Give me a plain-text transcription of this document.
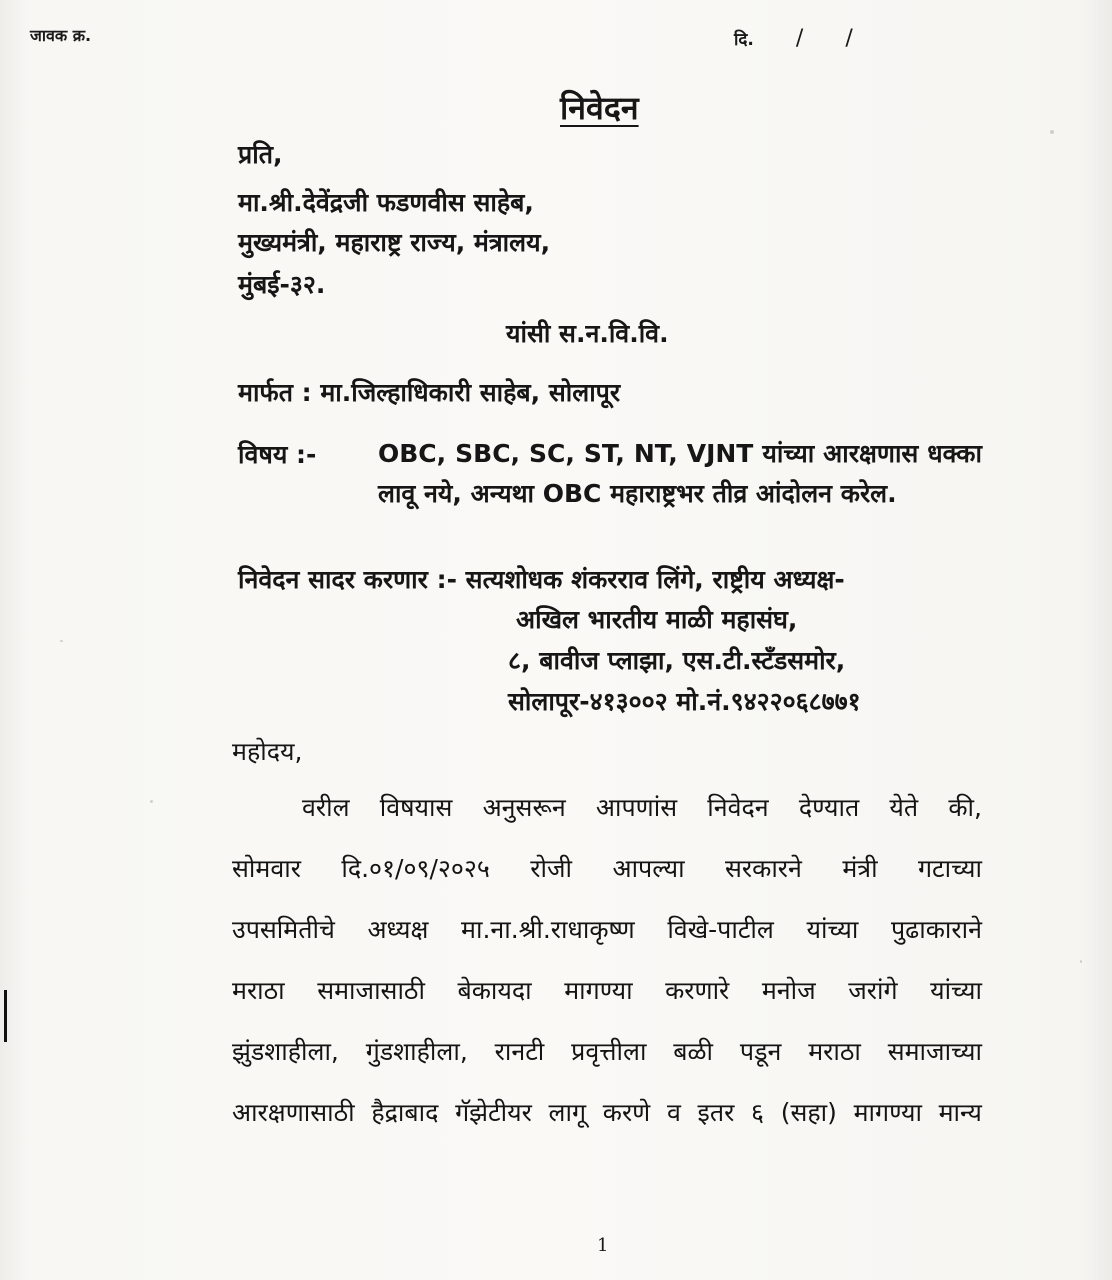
जावक क्र.	दि. / /
निवेदन
प्रति,
मा.श्री.देवेंद्रजी फडणवीस साहेब,
मुख्यमंत्री, महाराष्ट्र राज्य, मंत्रालय,
मुंबई-३२.
यांसी स.न.वि.वि.
मार्फत : मा.जिल्हाधिकारी साहेब, सोलापूर
विषय :- OBC, SBC, SC, ST, NT, VJNT यांच्या आरक्षणास धक्का लावू नये, अन्यथा OBC महाराष्ट्रभर तीव्र आंदोलन करेल.
निवेदन सादर करणार :- सत्यशोधक शंकरराव लिंगे, राष्ट्रीय अध्यक्ष-
अखिल भारतीय माळी महासंघ,
८, बावीज प्लाझा, एस.टी.स्टँडसमोर,
सोलापूर-४१३००२ मो.नं.९४२२०६८७७१
महोदय,
वरील विषयास अनुसरून आपणांस निवेदन देण्यात येते की,
सोमवार दि.०१/०९/२०२५ रोजी आपल्या सरकारने मंत्री गटाच्या
उपसमितीचे अध्यक्ष मा.ना.श्री.राधाकृष्ण विखे-पाटील यांच्या पुढाकाराने
मराठा समाजासाठी बेकायदा मागण्या करणारे मनोज जरांगे यांच्या
झुंडशाहीला, गुंडशाहीला, रानटी प्रवृत्तीला बळी पडून मराठा समाजाच्या
आरक्षणासाठी हैद्राबाद गॅझेटीयर लागू करणे व इतर ६ (सहा) मागण्या मान्य
1
